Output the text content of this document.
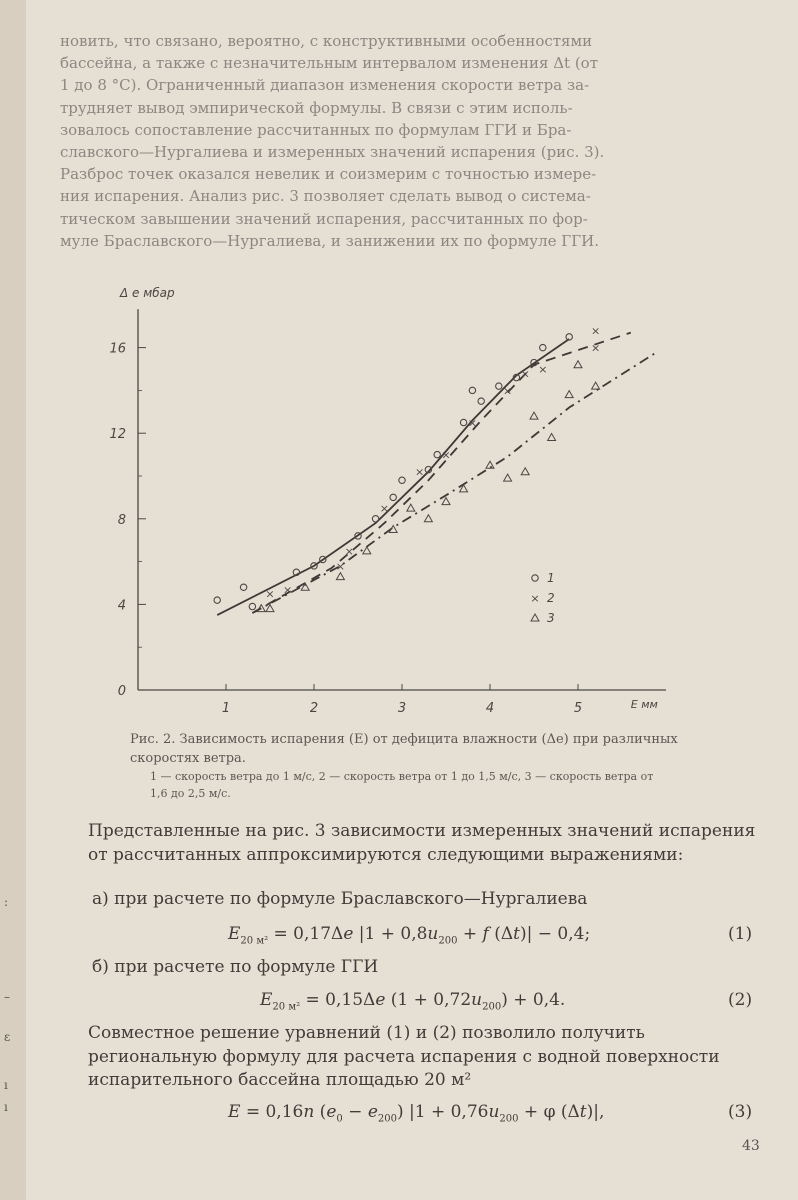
:
–
ε
ı
ı
новить, что связано, вероятно, с конструктивными особенностями
бассейна, а также с незначительным интервалом изменения Δt (от
1 до 8 °С). Ограниченный диапазон изменения скорости ветра за-
трудняет вывод эмпирической формулы. В связи с этим исполь-
зовалось сопоставление рассчитанных по формулам ГГИ и Бра-
славского—Нургалиева и измеренных значений испарения (рис. 3).
Разброс точек оказался невелик и соизмерим с точностью измере-
ния испарения. Анализ рис. 3 позволяет сделать вывод о система-
тическом завышении значений испарения, рассчитанных по фор-
муле Браславского—Нургалиева, и занижении их по формуле ГГИ.
1	2	3	4	5
0
4
8
12
16
Δ e мбар
E мм
× ×
×
×
×
×
×
×
×
× ×
×
×
1
× 2
3
Рис. 2. Зависимость испарения (E) от дефицита влажности (Δe) при различных скоростях ветра.
1 — скорость ветра до 1 м/с, 2 — скорость ветра от 1 до 1,5 м/с, 3 — скорость ветра от 1,6 до 2,5 м/с.
Представленные на рис. 3 зависимости измеренных значений испарения от рассчитанных аппроксимируются следующими выражениями:
а) при расчете по формуле Браславского—Нургалиева
$E_{20 м^2} = 0,17\Delta e$ $|1 + 0,8u_{200} + f$ (Δt)| − 0,4;	(1)
б) при расчете по формуле ГГИ
$E_{20 м^2} = 0,15\Delta e$ $(1 + 0,72u_{200}) + 0,4$.	(2)
Совместное решение уравнений (1) и (2) позволило получить региональную формулу для расчета испарения с водной поверхности испарительного бассейна площадью 20 м²
E = 0,16n $(e_0 - e_{200}) |1 + 0,76u_{200} + \varphi$ (Δt)|,	(3)
43
